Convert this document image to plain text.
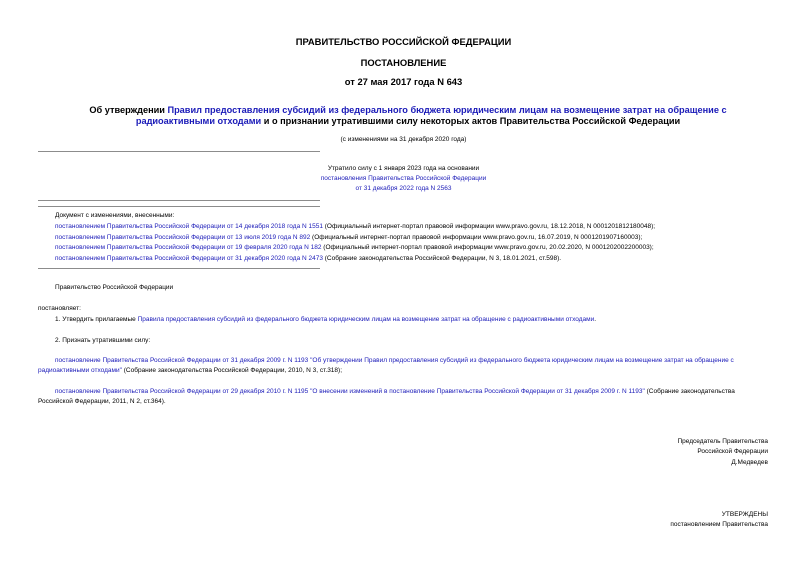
ПРАВИТЕЛЬСТВО РОССИЙСКОЙ ФЕДЕРАЦИИ
ПОСТАНОВЛЕНИЕ
от 27 мая 2017 года N 643
Об утверждении Правил предоставления субсидий из федерального бюджета юридическим лицам на возмещение затрат на обращение с радиоактивными отходами и о признании утратившими силу некоторых актов Правительства Российской Федерации
(с изменениями на 31 декабря 2020 года)
Утратило силу с 1 января 2023 года на основании
постановления Правительства Российской Федерации
от 31 декабря 2022 года N 2563
Документ с изменениями, внесенными:
постановлением Правительства Российской Федерации от 14 декабря 2018 года N 1551 (Официальный интернет-портал правовой информации www.pravo.gov.ru, 18.12.2018, N 0001201812180048);
постановлением Правительства Российской Федерации от 13 июля 2019 года N 892 (Официальный интернет-портал правовой информации www.pravo.gov.ru, 16.07.2019, N 0001201907160003);
постановлением Правительства Российской Федерации от 19 февраля 2020 года N 182 (Официальный интернет-портал правовой информации www.pravo.gov.ru, 20.02.2020, N 0001202002200003);
постановлением Правительства Российской Федерации от 31 декабря 2020 года N 2473 (Собрание законодательства Российской Федерации, N 3, 18.01.2021, ст.598).
Правительство Российской Федерации
постановляет:
1. Утвердить прилагаемые Правила предоставления субсидий из федерального бюджета юридическим лицам на возмещение затрат на обращение с радиоактивными отходами.
2. Признать утратившими силу:
постановление Правительства Российской Федерации от 31 декабря 2009 г. N 1193 "Об утверждении Правил предоставления субсидий из федерального бюджета юридическим лицам на возмещение затрат на обращение с радиоактивными отходами" (Собрание законодательства Российской Федерации, 2010, N 3, ст.318);
постановление Правительства Российской Федерации от 29 декабря 2010 г. N 1195 "О внесении изменений в постановление Правительства Российской Федерации от 31 декабря 2009 г. N 1193" (Собрание законодательства Российской Федерации, 2011, N 2, ст.364).
Председатель Правительства
Российской Федерации
Д.Медведев
УТВЕРЖДЕНЫ
постановлением Правительства
